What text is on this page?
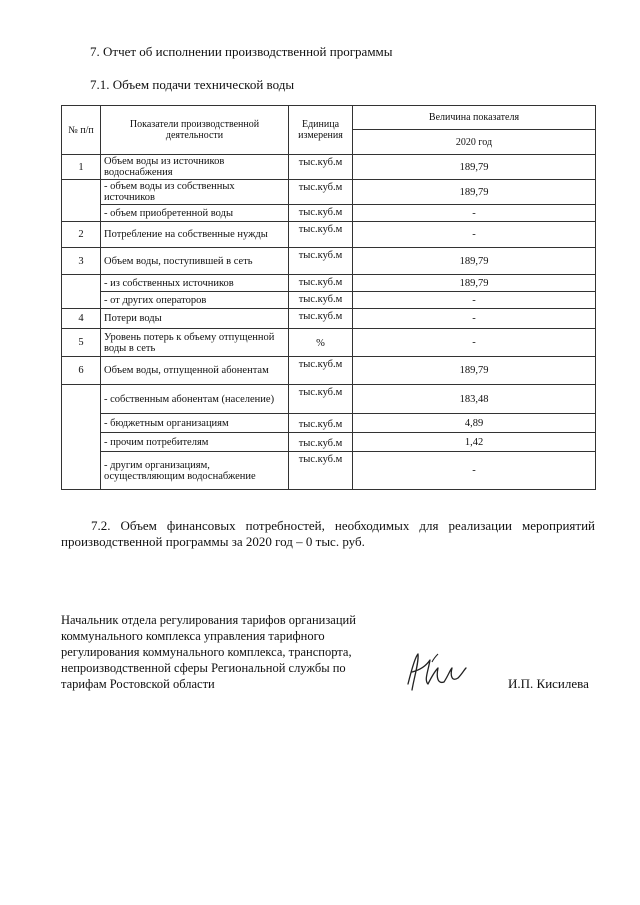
7. Отчет об исполнении производственной программы
7.1. Объем подачи технической воды
№ п/п	Показатели производственной деятельности	Единица измерения	Величина показателя
			2020 год
1	Объем воды из источников водоснабжения	тыс.куб.м	189,79
	- объем воды из собственных источников	тыс.куб.м	189,79
	- объем приобретенной воды	тыс.куб.м	-
2	Потребление на собственные нужды	тыс.куб.м	-
3	Объем воды, поступившей в сеть	тыс.куб.м	189,79
	- из собственных источников	тыс.куб.м	189,79
	- от других операторов	тыс.куб.м	-
4	Потери воды	тыс.куб.м	-
5	Уровень потерь к объему отпущенной воды в сеть	%	-
6	Объем воды, отпущенной абонентам	тыс.куб.м	189,79
	- собственным абонентам (население)	тыс.куб.м	183,48
	- бюджетным организациям	тыс.куб.м	4,89
	- прочим потребителям	тыс.куб.м	1,42
	- другим организациям, осуществляющим водоснабжение	тыс.куб.м	-
7.2. Объем финансовых потребностей, необходимых для реализации мероприятий производственной программы за 2020 год – 0 тыс. руб.
Начальник отдела регулирования тарифов организаций коммунального комплекса управления тарифного регулирования коммунального комплекса, транспорта, непроизводственной сферы Региональной службы по тарифам Ростовской области	И.П. Кисилева
